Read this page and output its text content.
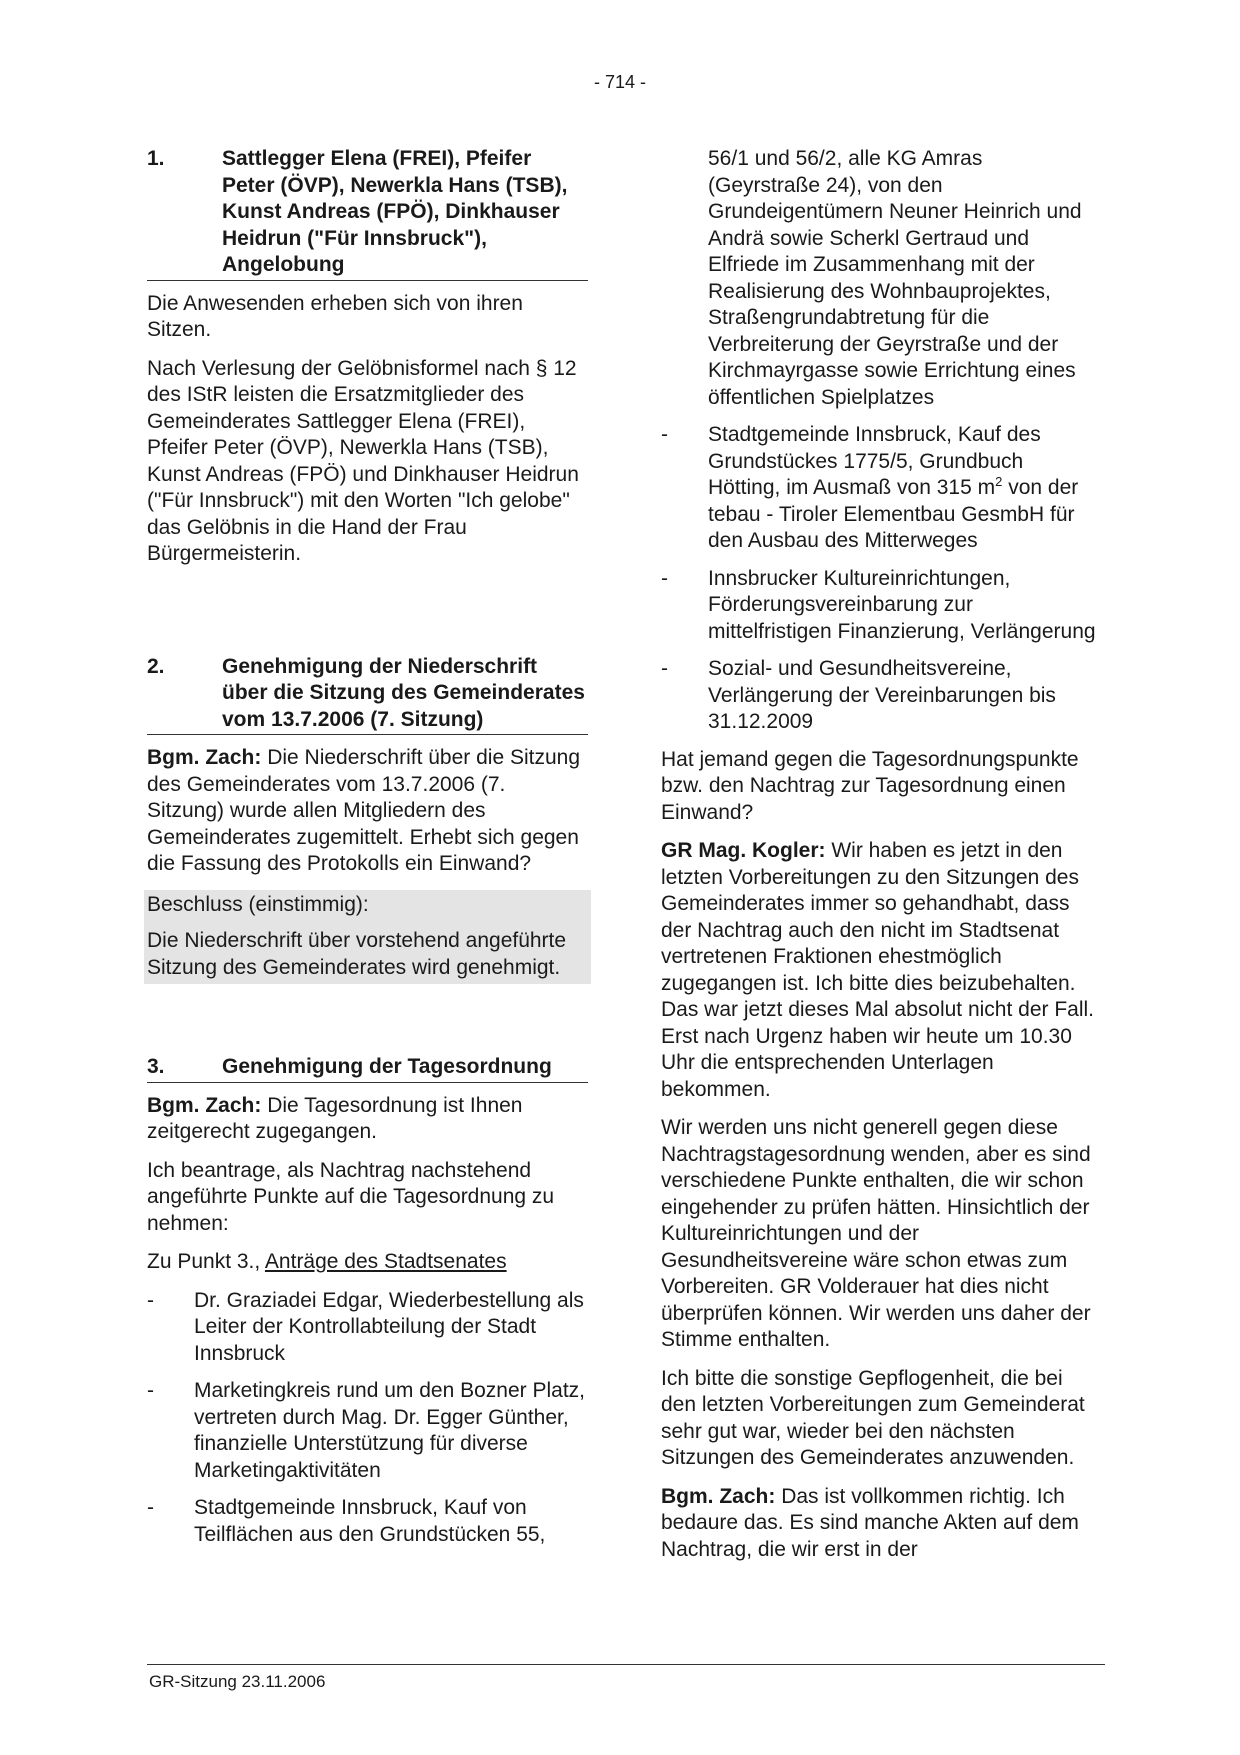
- 714 -
1.	Sattlegger Elena (FREI), Pfeifer Peter (ÖVP), Newerkla Hans (TSB), Kunst Andreas (FPÖ), Dinkhauser Heidrun ("Für Innsbruck"), Angelobung

Die Anwesenden erheben sich von ihren Sitzen.

Nach Verlesung der Gelöbnisformel nach § 12 des IStR leisten die Ersatzmitglieder des Gemeinderates Sattlegger Elena (FREI), Pfeifer Peter (ÖVP), Newerkla Hans (TSB), Kunst Andreas (FPÖ) und Dinkhauser Heidrun ("Für Innsbruck") mit den Worten "Ich gelobe" das Gelöbnis in die Hand der Frau Bürgermeisterin.

2.	Genehmigung der Niederschrift über die Sitzung des Gemeinderates vom 13.7.2006 (7. Sitzung)

Bgm. Zach: Die Niederschrift über die Sitzung des Gemeinderates vom 13.7.2006 (7. Sitzung) wurde allen Mitgliedern des Gemeinderates zugemittelt. Erhebt sich gegen die Fassung des Protokolls ein Einwand?

Beschluss (einstimmig):

Die Niederschrift über vorstehend angeführte Sitzung des Gemeinderates wird genehmigt.

3.	Genehmigung der Tagesordnung

Bgm. Zach: Die Tagesordnung ist Ihnen zeitgerecht zugegangen.

Ich beantrage, als Nachtrag nachstehend angeführte Punkte auf die Tagesordnung zu nehmen:

Zu Punkt 3., Anträge des Stadtsenates

-	Dr. Graziadei Edgar, Wiederbestellung als Leiter der Kontrollabteilung der Stadt Innsbruck
-	Marketingkreis rund um den Bozner Platz, vertreten durch Mag. Dr. Egger Günther, finanzielle Unterstützung für diverse Marketingaktivitäten
-	Stadtgemeinde Innsbruck, Kauf von Teilflächen aus den Grundstücken 55,
56/1 und 56/2, alle KG Amras (Geyrstraße 24), von den Grundeigentümern Neuner Heinrich und Andrä sowie Scherkl Gertraud und Elfriede im Zusammenhang mit der Realisierung des Wohnbauprojektes, Straßengrundabtretung für die Verbreiterung der Geyrstraße und der Kirchmayrgasse sowie Errichtung eines öffentlichen Spielplatzes
-	Stadtgemeinde Innsbruck, Kauf des Grundstückes 1775/5, Grundbuch Hötting, im Ausmaß von 315 $m^2$ von der tebau - Tiroler Elementbau GesmbH für den Ausbau des Mitterweges
-	Innsbrucker Kultureinrichtungen, Förderungsvereinbarung zur mittelfristigen Finanzierung, Verlängerung
-	Sozial- und Gesundheitsvereine, Verlängerung der Vereinbarungen bis 31.12.2009

Hat jemand gegen die Tagesordnungspunkte bzw. den Nachtrag zur Tagesordnung einen Einwand?

GR Mag. Kogler: Wir haben es jetzt in den letzten Vorbereitungen zu den Sitzungen des Gemeinderates immer so gehandhabt, dass der Nachtrag auch den nicht im Stadtsenat vertretenen Fraktionen ehestmöglich zugegangen ist. Ich bitte dies beizubehalten. Das war jetzt dieses Mal absolut nicht der Fall. Erst nach Urgenz haben wir heute um 10.30 Uhr die entsprechenden Unterlagen bekommen.

Wir werden uns nicht generell gegen diese Nachtragstagesordnung wenden, aber es sind verschiedene Punkte enthalten, die wir schon eingehender zu prüfen hätten. Hinsichtlich der Kultureinrichtungen und der Gesundheitsvereine wäre schon etwas zum Vorbereiten. GR Volderauer hat dies nicht überprüfen können. Wir werden uns daher der Stimme enthalten.

Ich bitte die sonstige Gepflogenheit, die bei den letzten Vorbereitungen zum Gemeinderat sehr gut war, wieder bei den nächsten Sitzungen des Gemeinderates anzuwenden.

Bgm. Zach: Das ist vollkommen richtig. Ich bedaure das. Es sind manche Akten auf dem Nachtrag, die wir erst in der

GR-Sitzung 23.11.2006
